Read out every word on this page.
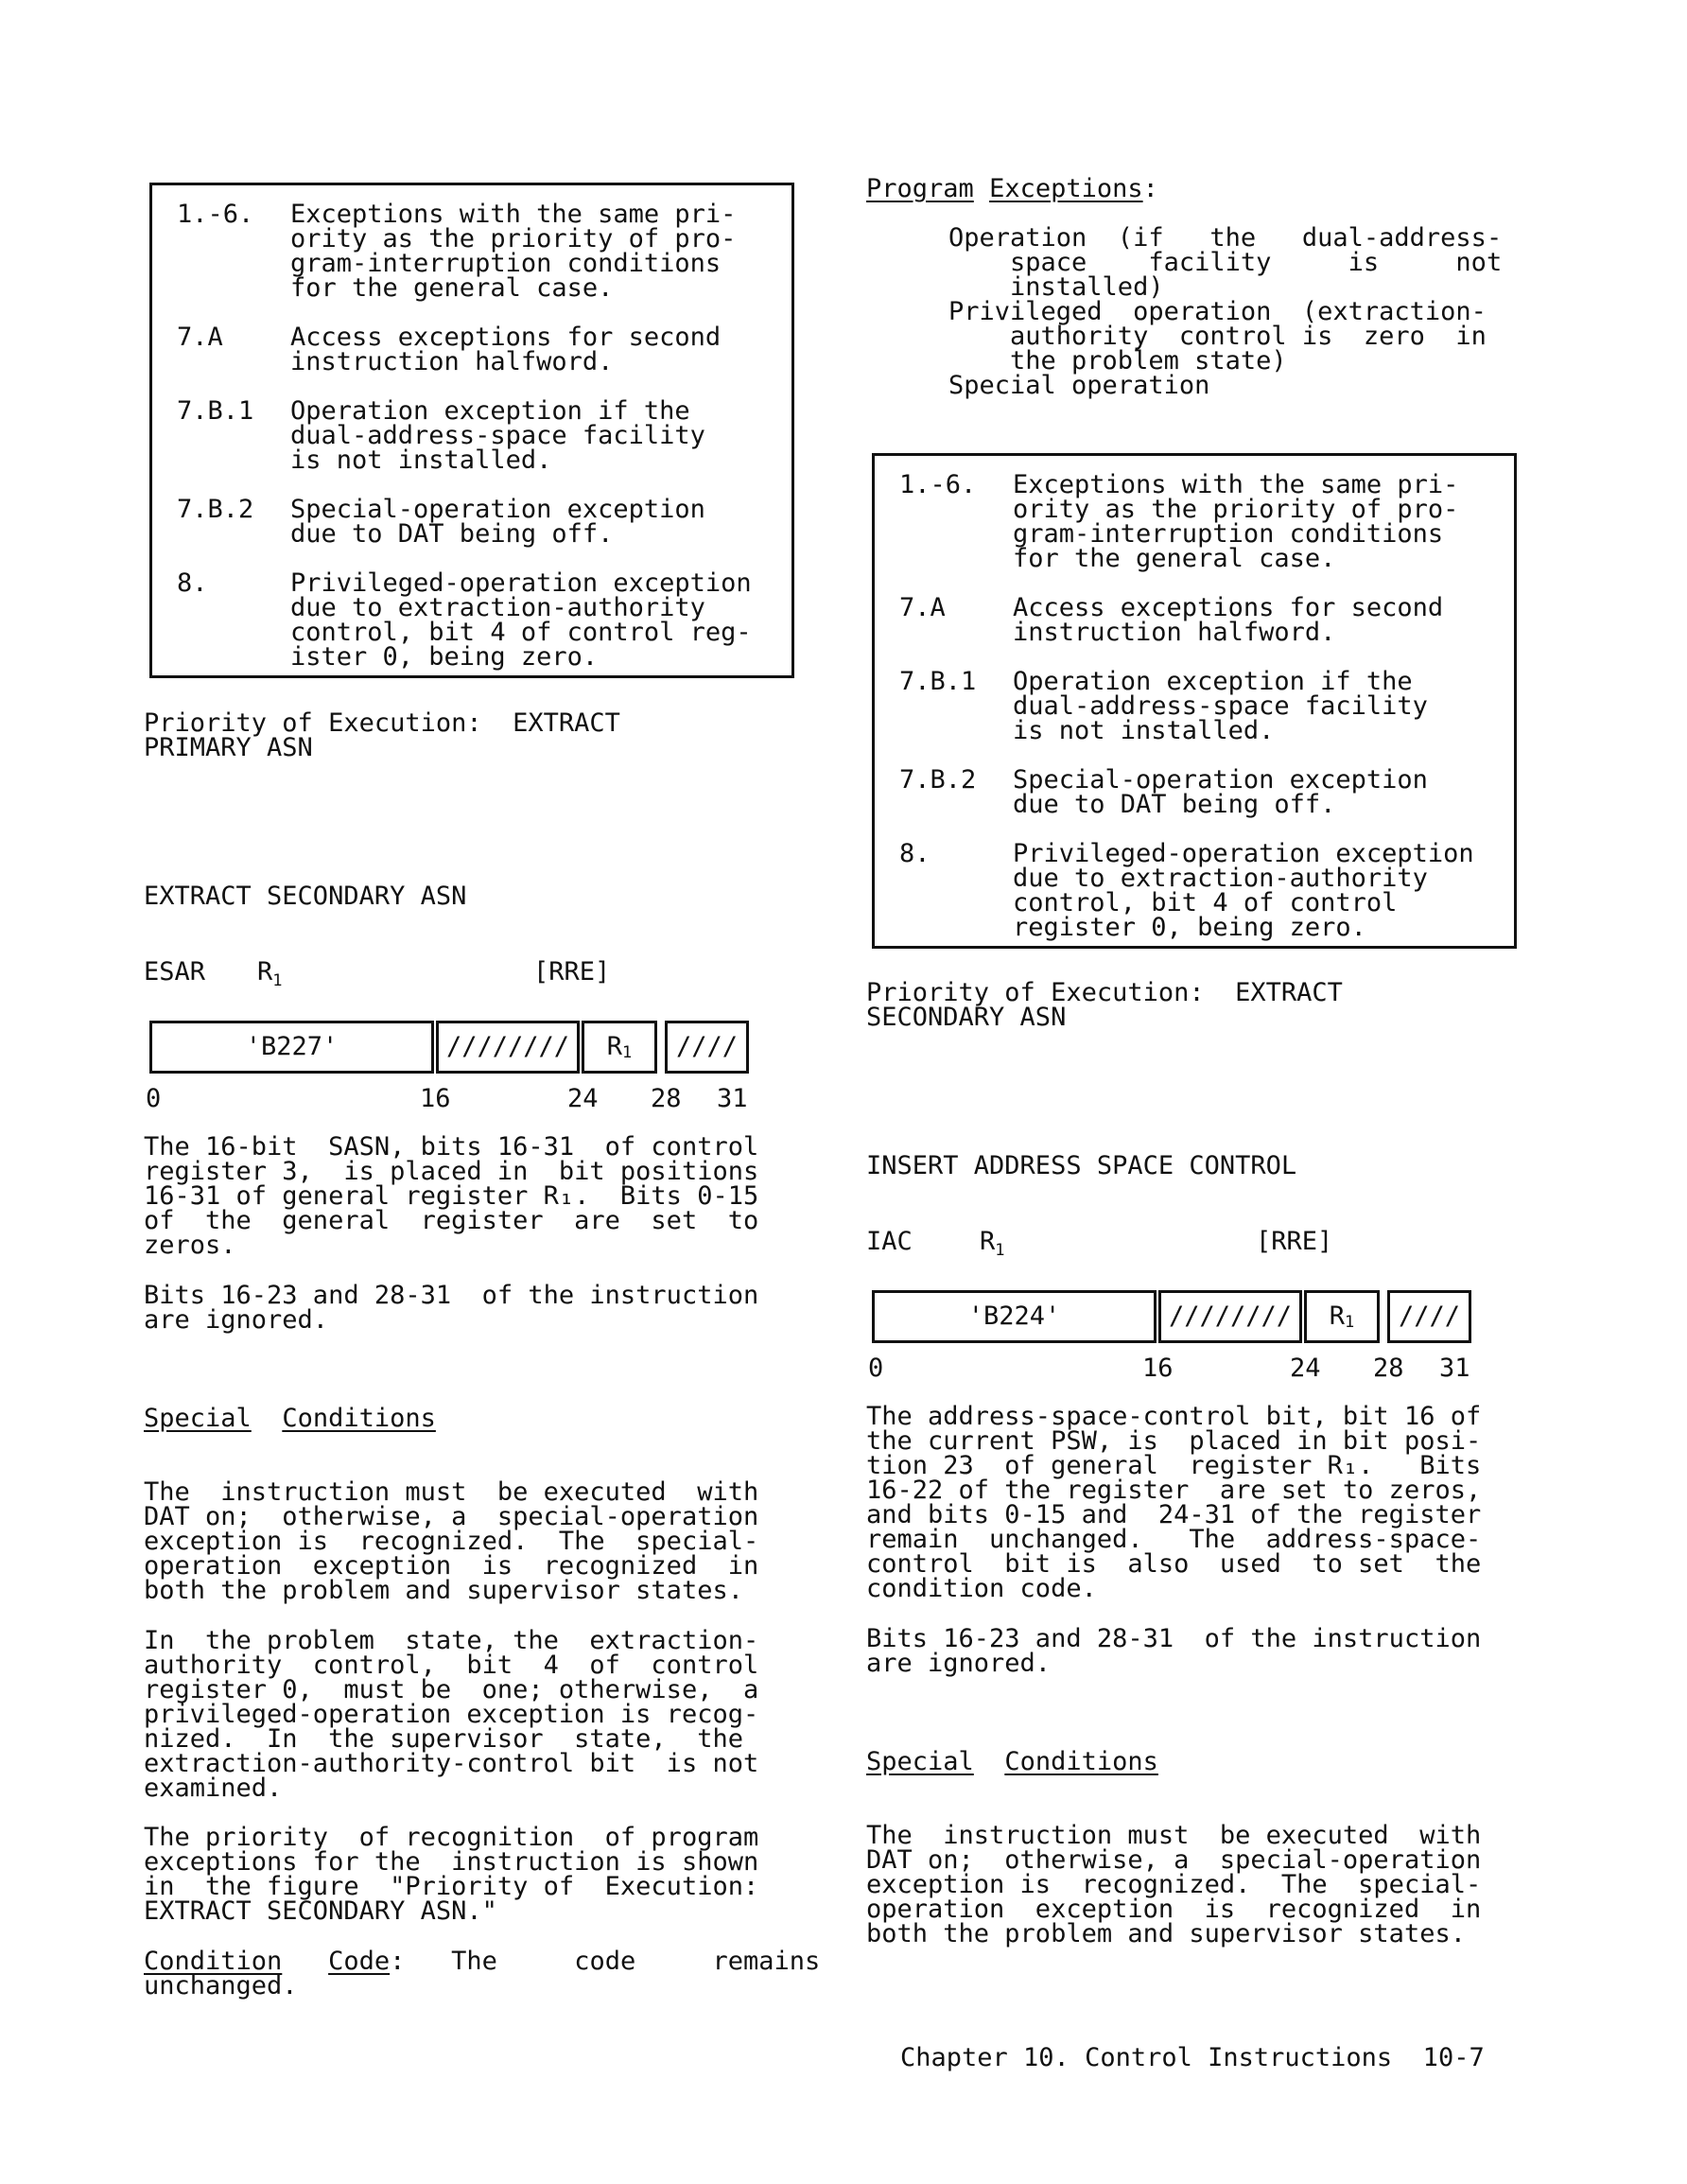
1.-6. Exceptions with the same pri-
ority as the priority of pro-
gram-interruption conditions
for the general case.
7.A	Access exceptions for second
instruction halfword.
7.B.1 Operation exception if the
dual-address-space facility
is not installed.
7.B.2 Special-operation exception
due to DAT being off.
8.	Privileged-operation exception
due to extraction-authority
control, bit 4 of control reg-
ister 0, being zero.
Priority of Execution:  EXTRACT
PRIMARY ASN
EXTRACT SECONDARY ASN
ESAR $R_1$	[RRE]
'B227'	////////	R 1	////
0	16	24 28 31
The 16-bit  SASN, bits 16-31  of control
register 3,  is placed in  bit positions
16-31 of general register R₁.  Bits 0-15
of  the  general  register  are  set  to
zeros.
Bits 16-23 and 28-31  of the instruction
are ignored.
Special Conditions
The  instruction must  be executed  with
DAT on;  otherwise, a  special-operation
exception is  recognized.  The  special-
operation  exception  is  recognized  in
both the problem and supervisor states.
In  the problem  state, the  extraction-
authority  control,  bit  4  of  control
register 0,  must be  one; otherwise,  a
privileged-operation exception is recog-
nized.  In  the supervisor  state,  the
extraction-authority-control bit  is not
examined.
The priority  of recognition  of program
exceptions for the  instruction is shown
in  the figure  "Priority of  Execution:
EXTRACT SECONDARY ASN."
Condition Code:   The     code     remains
unchanged.
Program Exceptions:
Operation  (if   the   dual-address-
space    facility     is     not
installed)
Privileged  operation  (extraction-
authority  control is  zero  in
the problem state)
Special operation
1.-6. Exceptions with the same pri-
ority as the priority of pro-
gram-interruption conditions
for the general case.
7.A	Access exceptions for second
instruction halfword.
7.B.1 Operation exception if the
dual-address-space facility
is not installed.
7.B.2 Special-operation exception
due to DAT being off.
8.	Privileged-operation exception
due to extraction-authority
control, bit 4 of control
register 0, being zero.
Priority of Execution:  EXTRACT
SECONDARY ASN
INSERT ADDRESS SPACE CONTROL
IAC	$R_1$	[RRE]
'B224'	////////	R 1	////
0	16	24 28 31
The address-space-control bit, bit 16 of
the current PSW, is  placed in bit posi-
tion 23  of general  register R₁.   Bits
16-22 of the register  are set to zeros,
and bits 0-15 and  24-31 of the register
remain  unchanged.   The  address-space-
control  bit is  also  used  to set  the
condition code.
Bits 16-23 and 28-31  of the instruction
are ignored.
Special Conditions
The  instruction must  be executed  with
DAT on;  otherwise, a  special-operation
exception is  recognized.  The  special-
operation  exception  is  recognized  in
both the problem and supervisor states.
Chapter 10. Control Instructions  10-7
